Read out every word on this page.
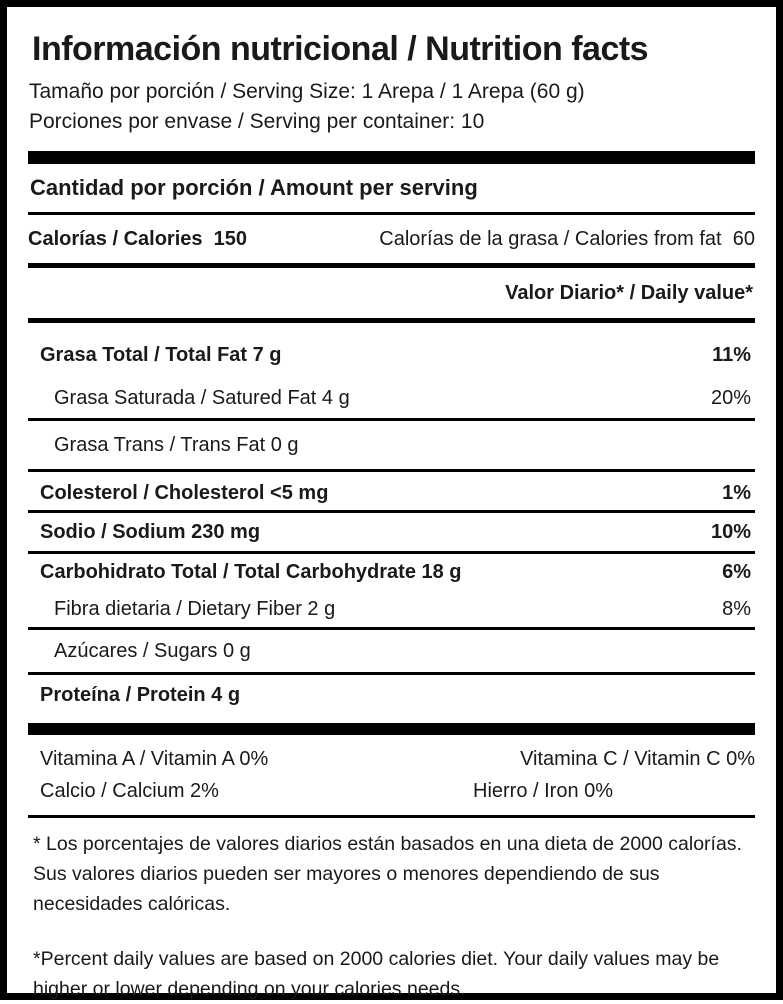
Información nutricional / Nutrition facts
Tamaño por porción / Serving Size: 1 Arepa / 1 Arepa (60 g)
Porciones por envase / Serving per container: 10
Cantidad por porción / Amount per serving
Calorías / Calories 150	Calorías de la grasa / Calories from fat 60
Valor Diario* / Daily value*
Grasa Total / Total Fat 7 g	11%
Grasa Saturada / Satured Fat 4 g	20%
Grasa Trans / Trans Fat 0 g
Colesterol / Cholesterol <5 mg	1%
Sodio / Sodium 230 mg	10%
Carbohidrato Total / Total Carbohydrate 18 g	6%
Fibra dietaria / Dietary Fiber 2 g	8%
Azúcares / Sugars 0 g
Proteína / Protein 4 g
Vitamina A / Vitamin A 0%	Vitamina C / Vitamin C 0%
Calcio / Calcium 2%	Hierro / Iron 0%
* Los porcentajes de valores diarios están basados en una dieta de 2000 calorías. Sus valores diarios pueden ser mayores o menores dependiendo de sus necesidades calóricas.
*Percent daily values are based on 2000 calories diet. Your daily values may be higher or lower depending on your calories needs.
